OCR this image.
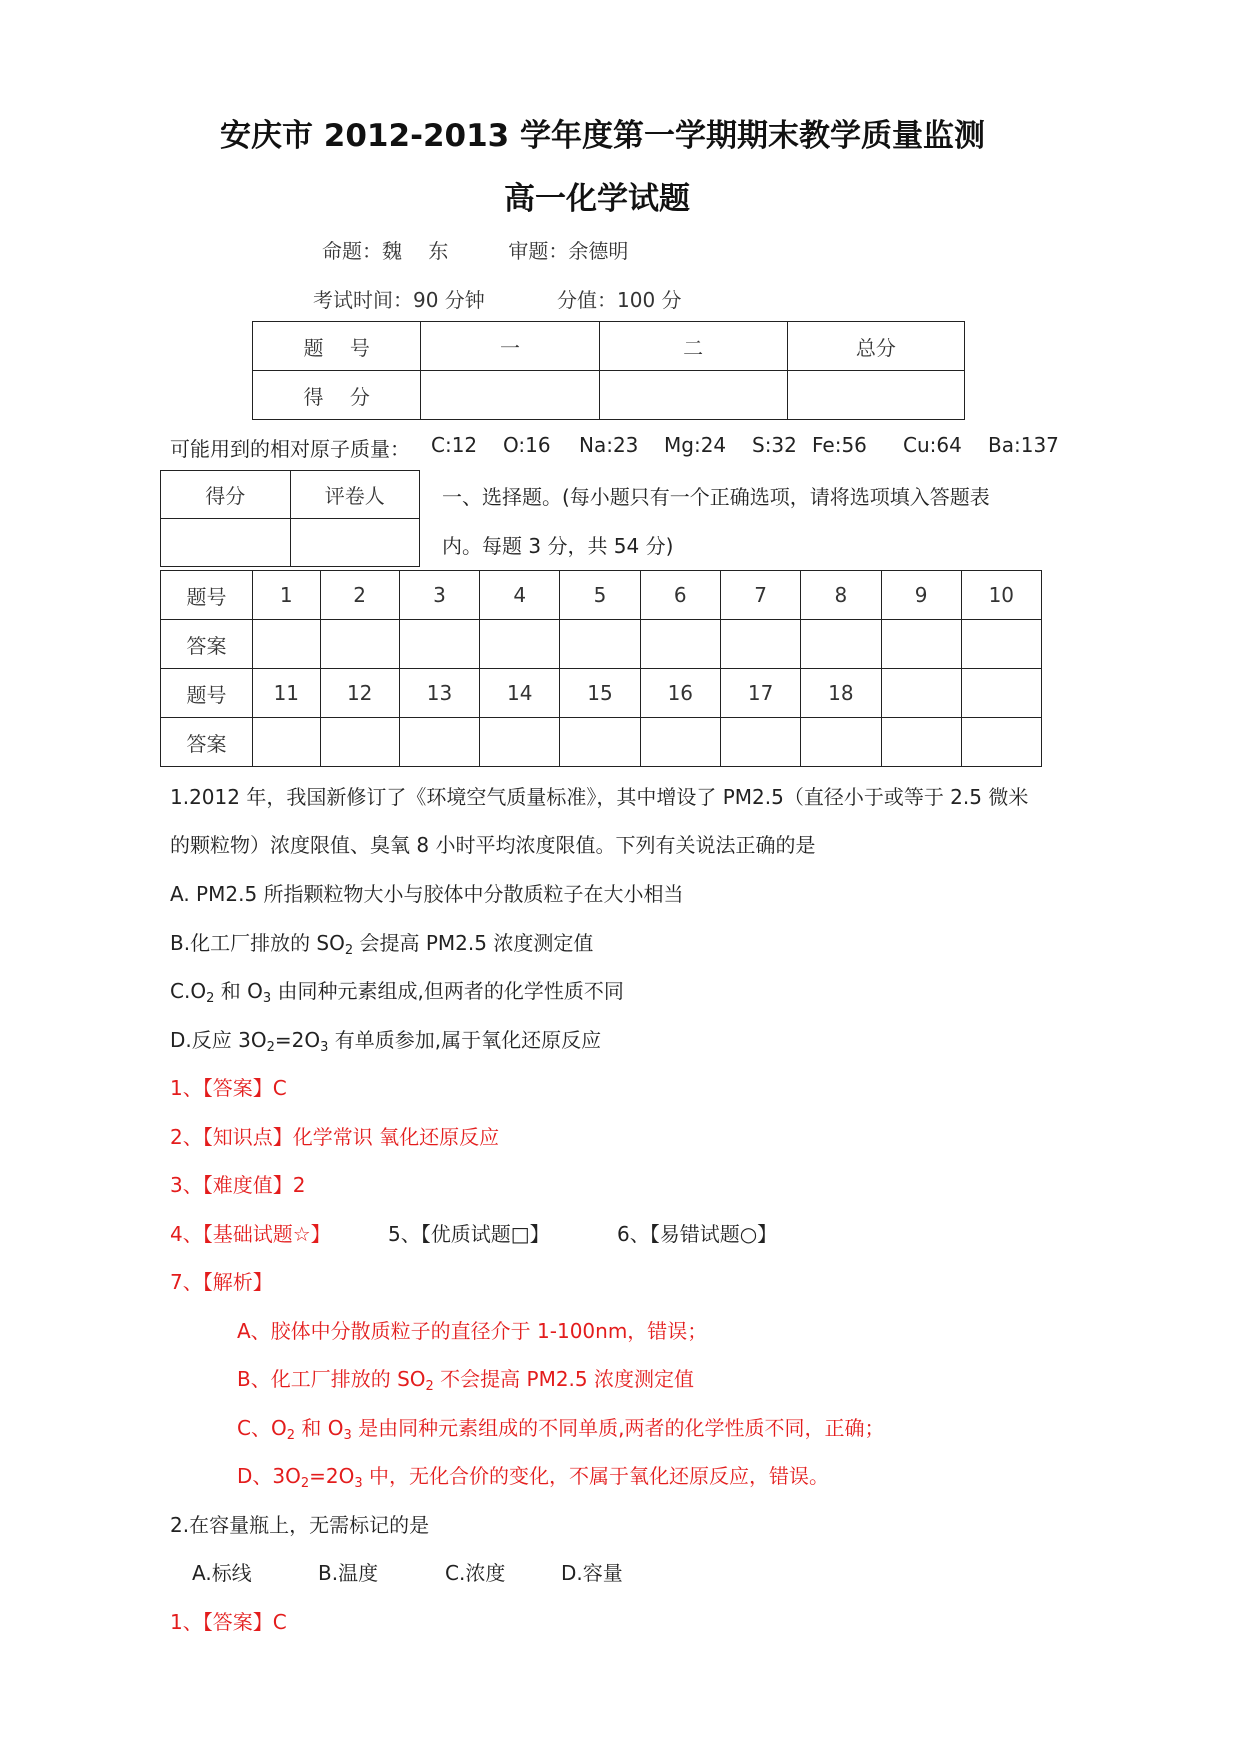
安庆市 2012-2013 学年度第一学期期末教学质量监测
高一化学试题
命题：魏　 东　　　审题：余德明
考试时间：90 分钟	分值：100 分
题　 号	一	二	总分
得　 分			
可能用到的相对原子质量： C:12 O:16 Na:23 Mg:24 S:32 Fe:56 Cu:64 Ba:137
得分	评卷人
		一、选择题。(每小题只有一个正确选项，请将选项填入答题表
内。每题 3 分，共 54 分)
题号	1	2	3	4	5	6	7	8	9	10
答案										
题号	11	12	13	14	15	16	17	18		
答案										
1.2012 年，我国新修订了《环境空气质量标准》，其中增设了 PM2.5（直径小于或等于 2.5 微米
的颗粒物）浓度限值、臭氧 8 小时平均浓度限值。下列有关说法正确的是
A. PM2.5 所指颗粒物大小与胶体中分散质粒子在大小相当
B.化工厂排放的 $SO_2$ 会提高 PM2.5 浓度测定值
$C.O_2$ 和 $O_3$ 由同种元素组成,但两者的化学性质不同
D.反应 $3O_2=2O_3$ 有单质参加,属于氧化还原反应
1、【答案】C
2、【知识点】化学常识 氧化还原反应
3、【难度值】2
4、【基础试题☆】	5、【优质试题□】	6、【易错试题○】
7、【解析】
A、胶体中分散质粒子的直径介于 1-100nm，错误；
B、化工厂排放的 $SO_2$ 不会提高 PM2.5 浓度测定值
C、$O_2$ 和 $O_3$ 是由同种元素组成的不同单质,两者的化学性质不同，正确；
D、$3O_2=2O_3$ 中，无化合价的变化，不属于氧化还原反应，错误。
2.在容量瓶上，无需标记的是
A.标线	B.温度	C.浓度	D.容量
1、【答案】C
